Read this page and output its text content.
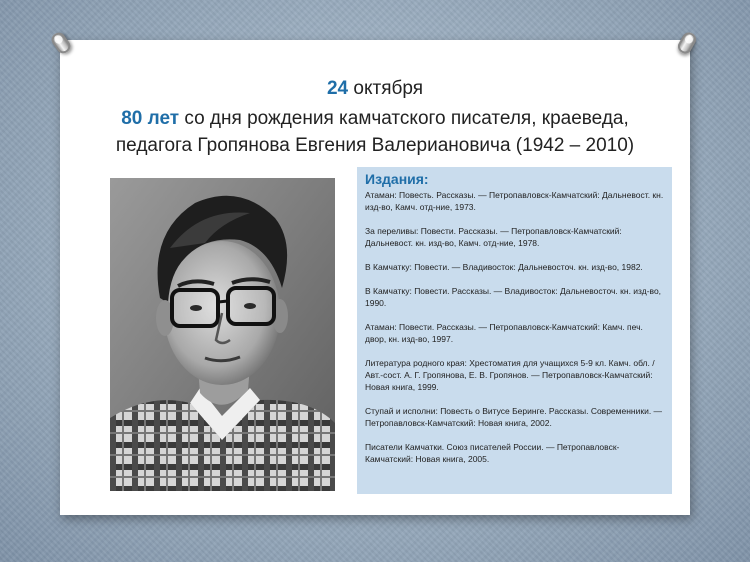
24 октября
80 лет со дня рождения камчатского писателя, краеведа,
педагога Гропянова Евгения Валериановича (1942 – 2010)
Издания:
Атаман: Повесть. Рассказы. — Петропавловск-Камчатский: Дальневост. кн. изд-во, Камч. отд-ние, 1973.
За переливы: Повести. Рассказы. — Петропавловск-Камчатский: Дальневост. кн. изд-во, Камч. отд-ние, 1978.
В Камчатку: Повести. — Владивосток: Дальневосточ. кн. изд-во, 1982.
В Камчатку: Повести. Рассказы. — Владивосток: Дальневосточ. кн. изд-во, 1990.
Атаман: Повести. Рассказы. — Петропавловск-Камчатский: Камч. печ. двор, кн. изд-во, 1997.
Литература родного края: Хрестоматия для учащихся 5-9 кл. Камч. обл. / Авт.-сост. А. Г. Гропянова, Е. В. Гропянов. — Петропавловск-Камчатский: Новая книга, 1999.
Ступай и исполни: Повесть о Витусе Беринге. Рассказы. Современники. — Петропавловск-Камчатский: Новая книга, 2002.
Писатели Камчатки. Союз писателей России. — Петропавловск-Камчатский: Новая книга, 2005.
